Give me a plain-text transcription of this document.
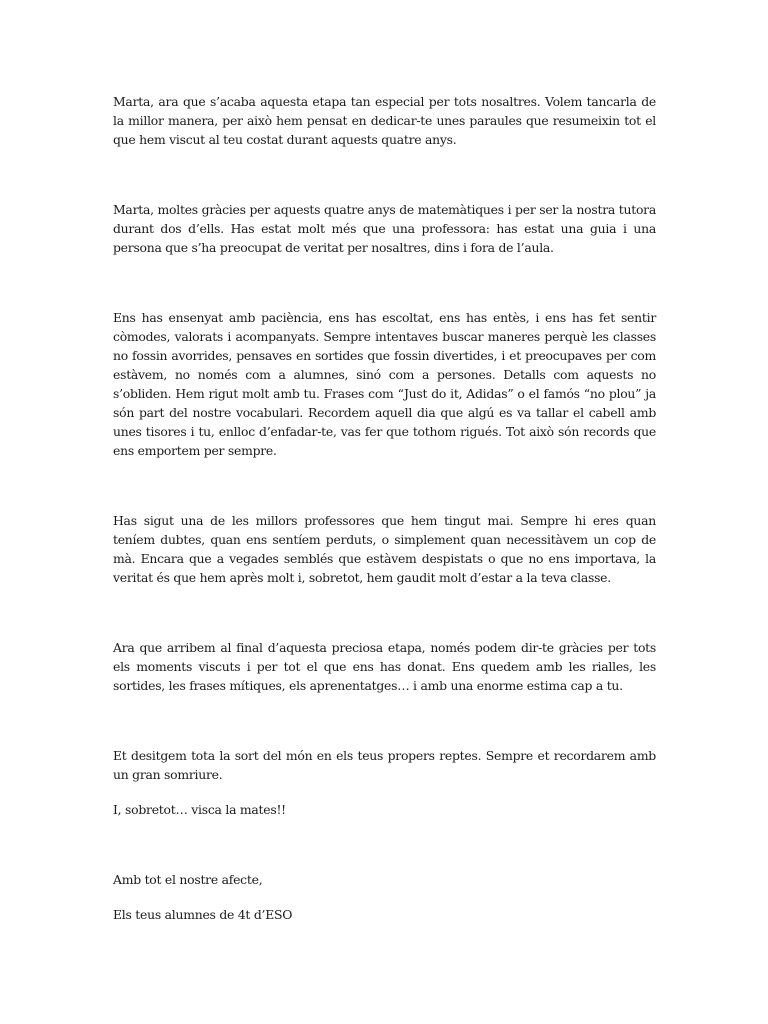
Marta, ara que s’acaba aquesta etapa tan especial per tots nosaltres. Volem tancarla de la millor manera, per això hem pensat en dedicar-te unes paraules que resumeixin tot el que hem viscut al teu costat durant aquests quatre anys.

Marta, moltes gràcies per aquests quatre anys de matemàtiques i per ser la nostra tutora durant dos d’ells. Has estat molt més que una professora: has estat una guia i una persona que s’ha preocupat de veritat per nosaltres, dins i fora de l’aula.

Ens has ensenyat amb paciència, ens has escoltat, ens has entès, i ens has fet sentir còmodes, valorats i acompanyats. Sempre intentaves buscar maneres perquè les classes no fossin avorrides, pensaves en sortides que fossin divertides, i et preocupaves per com estàvem, no només com a alumnes, sinó com a persones. Detalls com aquests no s’obliden. Hem rigut molt amb tu. Frases com “Just do it, Adidas” o el famós “no plou” ja són part del nostre vocabulari. Recordem aquell dia que algú es va tallar el cabell amb unes tisores i tu, enlloc d’enfadar-te, vas fer que tothom rigués. Tot això són records que ens emportem per sempre.

Has sigut una de les millors professores que hem tingut mai. Sempre hi eres quan teníem dubtes, quan ens sentíem perduts, o simplement quan necessitàvem un cop de mà. Encara que a vegades semblés que estàvem despistats o que no ens importava, la veritat és que hem après molt i, sobretot, hem gaudit molt d’estar a la teva classe.

Ara que arribem al final d’aquesta preciosa etapa, només podem dir-te gràcies per tots els moments viscuts i per tot el que ens has donat. Ens quedem amb les rialles, les sortides, les frases mítiques, els aprenentatges… i amb una enorme estima cap a tu.

Et desitgem tota la sort del món en els teus propers reptes. Sempre et recordarem amb un gran somriure.

I, sobretot… visca la mates!!

Amb tot el nostre afecte,

Els teus alumnes de 4t d’ESO
